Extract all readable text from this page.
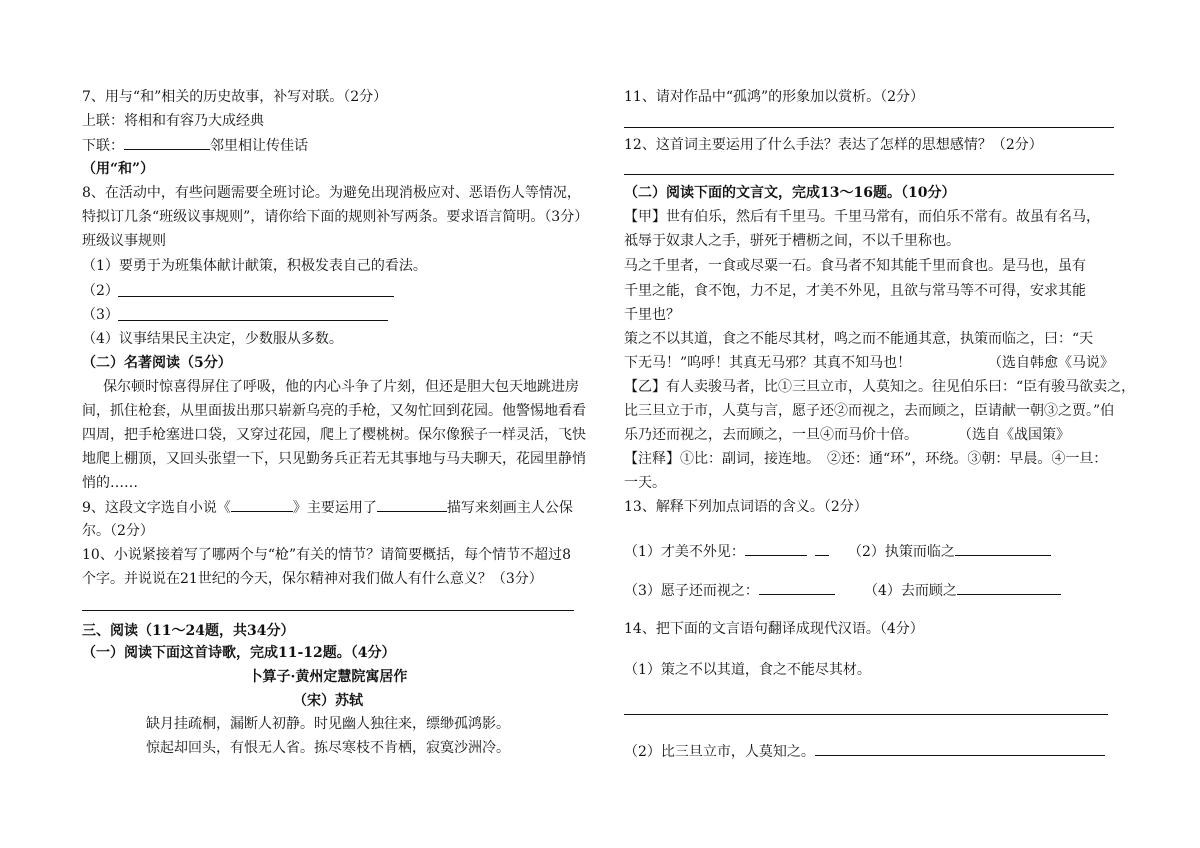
7、用与“和”相关的历史故事，补写对联。（2分）
上联：将相和有容乃大成经典
下联：	邻里相让传佳话
（用“和”）
8、在活动中，有些问题需要全班讨论。为避免出现消极应对、恶语伤人等情况，
特拟订几条“班级议事规则”，请你给下面的规则补写两条。要求语言简明。（3分）
班级议事规则
（1）要勇于为班集体献计献策，积极发表自己的看法。
（2）
（3）
（4）议事结果民主决定，少数服从多数。
（二）名著阅读（5分）
保尔顿时惊喜得屏住了呼吸，他的内心斗争了片刻，但还是胆大包天地跳进房
间，抓住枪套，从里面拔出那只崭新乌亮的手枪，又匆忙回到花园。他警惕地看看
四周，把手枪塞进口袋，又穿过花园，爬上了樱桃树。保尔像猴子一样灵活，飞快
地爬上棚顶，又回头张望一下，只见勤务兵正若无其事地与马夫聊天，花园里静悄
悄的……
9、这段文字选自小说《	》主要运用了	描写来刻画主人公保
尔。（2分）
10、小说紧接着写了哪两个与“枪”有关的情节？请简要概括，每个情节不超过8
个字。并说说在21世纪的今天，保尔精神对我们做人有什么意义？（3分）
三、阅读（11～24题，共34分）
（一）阅读下面这首诗歌，完成11-12题。（4分）
卜算子·黄州定慧院寓居作
（宋）苏轼
缺月挂疏桐，漏断人初静。时见幽人独往来，缥缈孤鸿影。
惊起却回头，有恨无人省。拣尽寒枝不肯栖，寂寞沙洲冷。
11、请对作品中“孤鸿”的形象加以赏析。（2分）
12、这首词主要运用了什么手法？表达了怎样的思想感情？（2分）
（二）阅读下面的文言文，完成13～16题。（10分）
【甲】世有伯乐，然后有千里马。千里马常有，而伯乐不常有。故虽有名马，
祗辱于奴隶人之手，骈死于槽枥之间，不以千里称也。
马之千里者，一食或尽粟一石。食马者不知其能千里而食也。是马也，虽有
千里之能，食不饱，力不足，才美不外见，且欲与常马等不可得，安求其能
千里也？
策之不以其道，食之不能尽其材，鸣之而不能通其意，执策而临之，曰：“天
下无马！”呜呼！其真无马邪？其真不知马也！	（选自韩愈《马说》
【乙】有人卖骏马者，比①三旦立市，人莫知之。往见伯乐曰：“臣有骏马欲卖之，
比三旦立于市，人莫与言，愿子还②而视之，去而顾之，臣请献一朝③之贾。”伯
乐乃还而视之，去而顾之，一旦④而马价十倍。	（选自《战国策》
【注释】①比：副词，接连地。　②还：通“环”，环绕。③朝：早晨。④一旦：
一天。
13、解释下列加点词语的含义。（2分）
（1）才美不外见：	（2）执策而临之
（3）愿子还而视之：	（4）去而顾之
14、把下面的文言语句翻译成现代汉语。（4分）
（1）策之不以其道，食之不能尽其材。
（2）比三旦立市，人莫知之。
